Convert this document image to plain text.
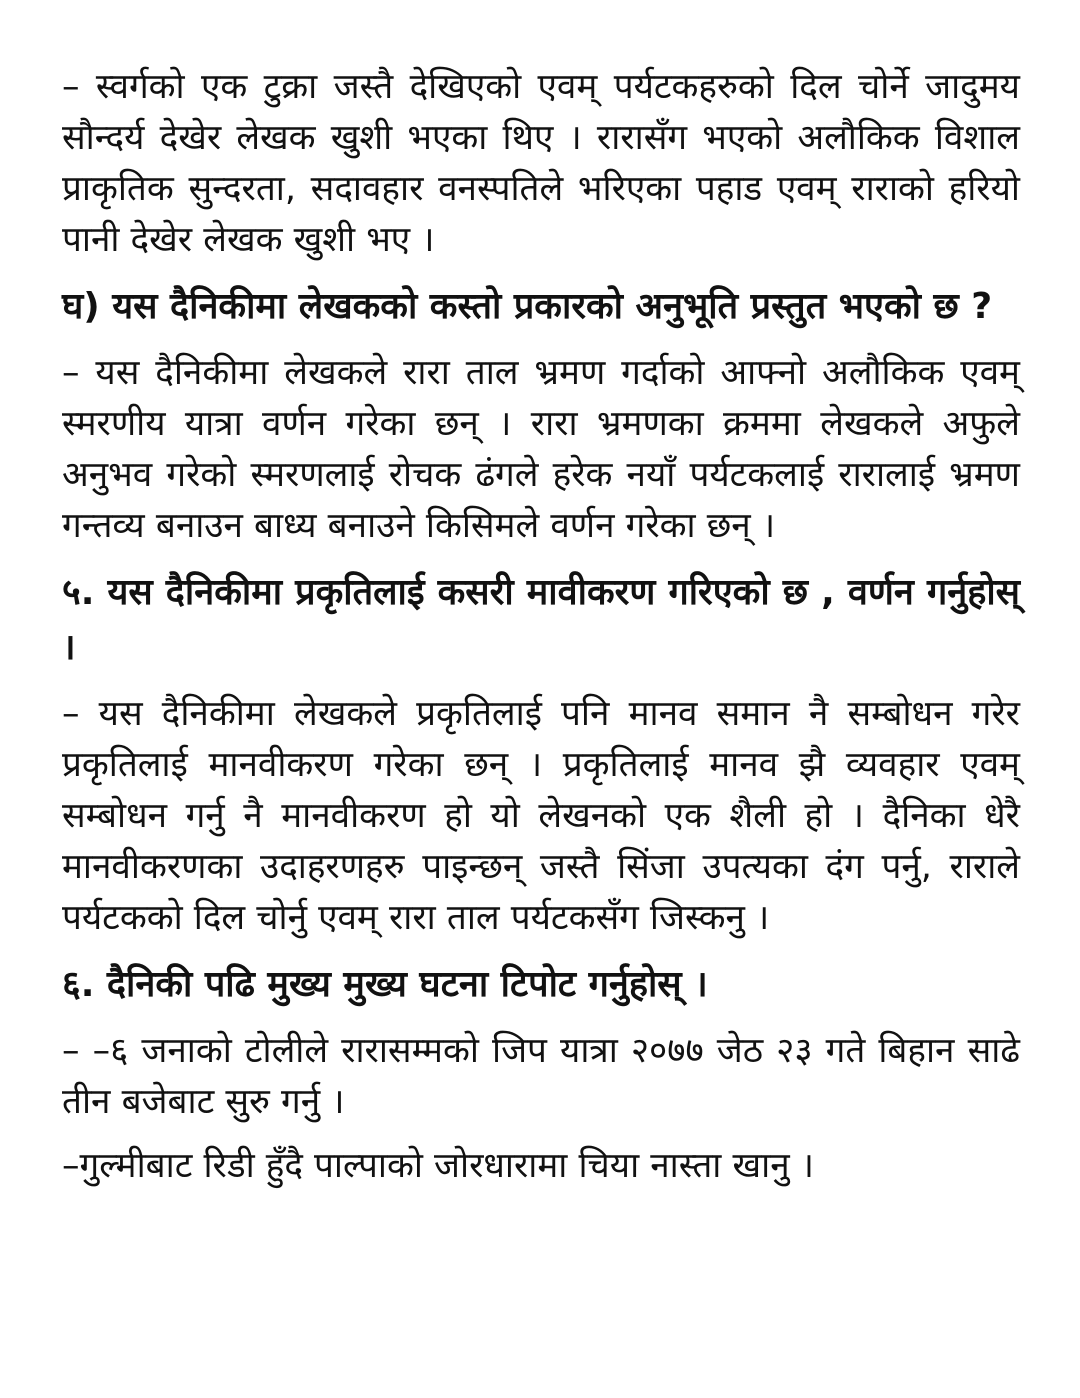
– स्वर्गको एक टुक्रा जस्तै देखिएको एवम् पर्यटकहरुको दिल चोर्ने जादुमय सौन्दर्य देखेर लेखक खुशी भएका थिए । रारासँग भएको अलौकिक विशाल प्राकृतिक सुन्दरता, सदावहार वनस्पतिले भरिएका पहाड एवम् राराको हरियो पानी देखेर लेखक खुशी भए ।

घ) यस दैनिकीमा लेखकको कस्तो प्रकारको अनुभूति प्रस्तुत भएको छ ?

– यस दैनिकीमा लेखकले रारा ताल भ्रमण गर्दाको आफ्नो अलौकिक एवम् स्मरणीय यात्रा वर्णन गरेका छन् । रारा भ्रमणका क्रममा लेखकले अफुले अनुभव गरेको स्मरणलाई रोचक ढंगले हरेक नयाँ पर्यटकलाई रारालाई भ्रमण गन्तव्य बनाउन बाध्य बनाउने किसिमले वर्णन गरेका छन् ।

५. यस दैनिकीमा प्रकृतिलाई कसरी मावीकरण गरिएको छ , वर्णन गर्नुहोस् ।

– यस दैनिकीमा लेखकले प्रकृतिलाई पनि मानव समान नै सम्बोधन गरेर प्रकृतिलाई मानवीकरण गरेका छन् । प्रकृतिलाई मानव झै व्यवहार एवम् सम्बोधन गर्नु नै मानवीकरण हो यो लेखनको एक शैली हो । दैनिका धेरै मानवीकरणका उदाहरणहरु पाइन्छन् जस्तै सिंजा उपत्यका दंग पर्नु, राराले पर्यटकको दिल चोर्नु एवम् रारा ताल पर्यटकसँग जिस्कनु ।

६. दैनिकी पढि मुख्य मुख्य घटना टिपोट गर्नुहोस् ।

– –६ जनाको टोलीले रारासम्मको जिप यात्रा २०७७ जेठ २३ गते बिहान साढे तीन बजेबाट सुरु गर्नु ।

–गुल्मीबाट रिडी हुँदै पाल्पाको जोरधारामा चिया नास्ता खानु ।
